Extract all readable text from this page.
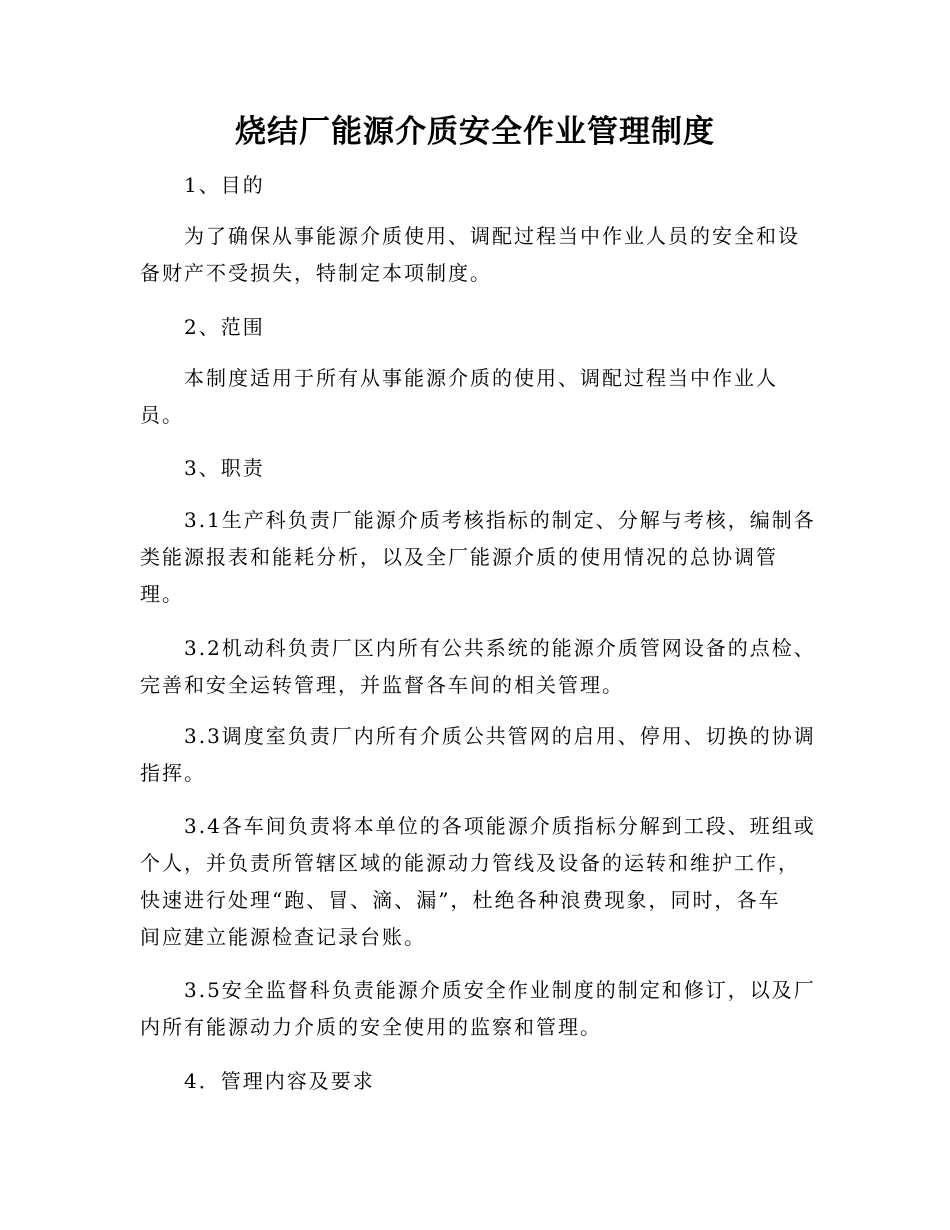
烧结厂能源介质安全作业管理制度
1、目的
为了确保从事能源介质使用、调配过程当中作业人员的安全和设
备财产不受损失，特制定本项制度。
2、范围
本制度适用于所有从事能源介质的使用、调配过程当中作业人
员。
3、职责
3.1生产科负责厂能源介质考核指标的制定、分解与考核，编制各
类能源报表和能耗分析，以及全厂能源介质的使用情况的总协调管
理。
3.2机动科负责厂区内所有公共系统的能源介质管网设备的点检、
完善和安全运转管理，并监督各车间的相关管理。
3.3调度室负责厂内所有介质公共管网的启用、停用、切换的协调
指挥。
3.4各车间负责将本单位的各项能源介质指标分解到工段、班组或
个人，并负责所管辖区域的能源动力管线及设备的运转和维护工作，
快速进行处理“跑、冒、滴、漏”，杜绝各种浪费现象，同时，各车
间应建立能源检查记录台账。
3.5安全监督科负责能源介质安全作业制度的制定和修订，以及厂
内所有能源动力介质的安全使用的监察和管理。
4．管理内容及要求
